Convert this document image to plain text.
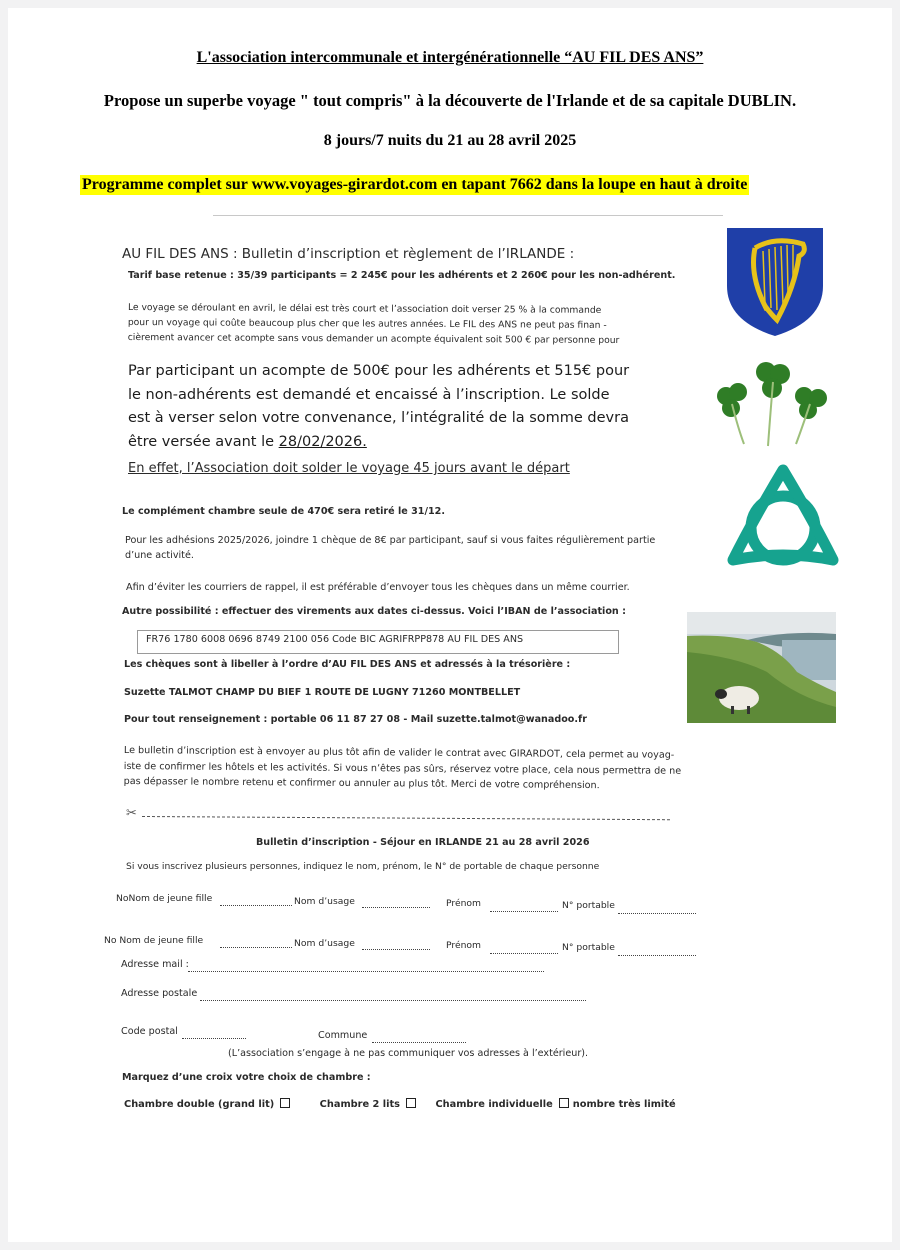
L'association intercommunale et intergénérationnelle “AU FIL DES ANS”
Propose un superbe voyage " tout compris" à la découverte de l'Irlande et de sa capitale DUBLIN.
8 jours/7 nuits du 21 au 28 avril 2025
Programme complet sur www.voyages-girardot.com en tapant 7662 dans la loupe en haut à droite
AU FIL DES ANS : Bulletin d’inscription et règlement de l’IRLANDE :
Tarif base retenue : 35/39 participants = 2 245€ pour les adhérents et 2 260€ pour les non-adhérent.
Le voyage se déroulant en avril, le délai est très court et l’association doit verser 25 % à la commande
pour un voyage qui coûte beaucoup plus cher que les autres années. Le FIL des ANS ne peut pas finan -
cièrement avancer cet acompte sans vous demander un acompte équivalent soit 500 € par personne pour
Par participant un acompte de 500€ pour les adhérents et 515€ pour le non-adhérents est demandé et encaissé à l’inscription. Le solde est à verser selon votre convenance, l’intégralité de la somme devra être versée avant le 28/02/2026.
En effet, l’Association doit solder le voyage 45 jours avant le départ
Le complément chambre seule de 470€ sera retiré le 31/12.
Pour les adhésions 2025/2026, joindre 1 chèque de 8€ par participant, sauf si vous faites régulièrement partie d’une activité.
Afin d’éviter les courriers de rappel, il est préférable d’envoyer tous les chèques dans un même courrier.
Autre possibilité : effectuer des virements aux dates ci-dessus. Voici l’IBAN de l’association :
FR76 1780 6008 0696 8749 2100 056 Code BIC AGRIFRPP878 AU FIL DES ANS
Les chèques sont à libeller à l’ordre d’AU FIL DES ANS et adressés à la trésorière :
Suzette TALMOT CHAMP DU BIEF 1 ROUTE DE LUGNY 71260 MONTBELLET
Pour tout renseignement : portable 06 11 87 27 08 - Mail suzette.talmot@wanadoo.fr
Le bulletin d’inscription est à envoyer au plus tôt afin de valider le contrat avec GIRARDOT, cela permet au voyag-
iste de confirmer les hôtels et les activités. Si vous n’êtes pas sûrs, réservez votre place, cela nous permettra de ne
pas dépasser le nombre retenu et confirmer ou annuler au plus tôt. Merci de votre compréhension.
✂
Bulletin d’inscription - Séjour en IRLANDE 21 au 28 avril 2026
Si vous inscrivez plusieurs personnes, indiquez le nom, prénom, le N° de portable de chaque personne
NoNom de jeune fille	Nom d’usage	Prénom	N° portable
No Nom de jeune fille	Nom d’usage	Prénom	N° portable
Adresse mail :
Adresse postale
Code postal	Commune
(L’association s’engage à ne pas communiquer vos adresses à l’extérieur).
Marquez d’une croix votre choix de chambre :
Chambre double (grand lit)	Chambre 2 lits	Chambre individuelle nombre très limité
